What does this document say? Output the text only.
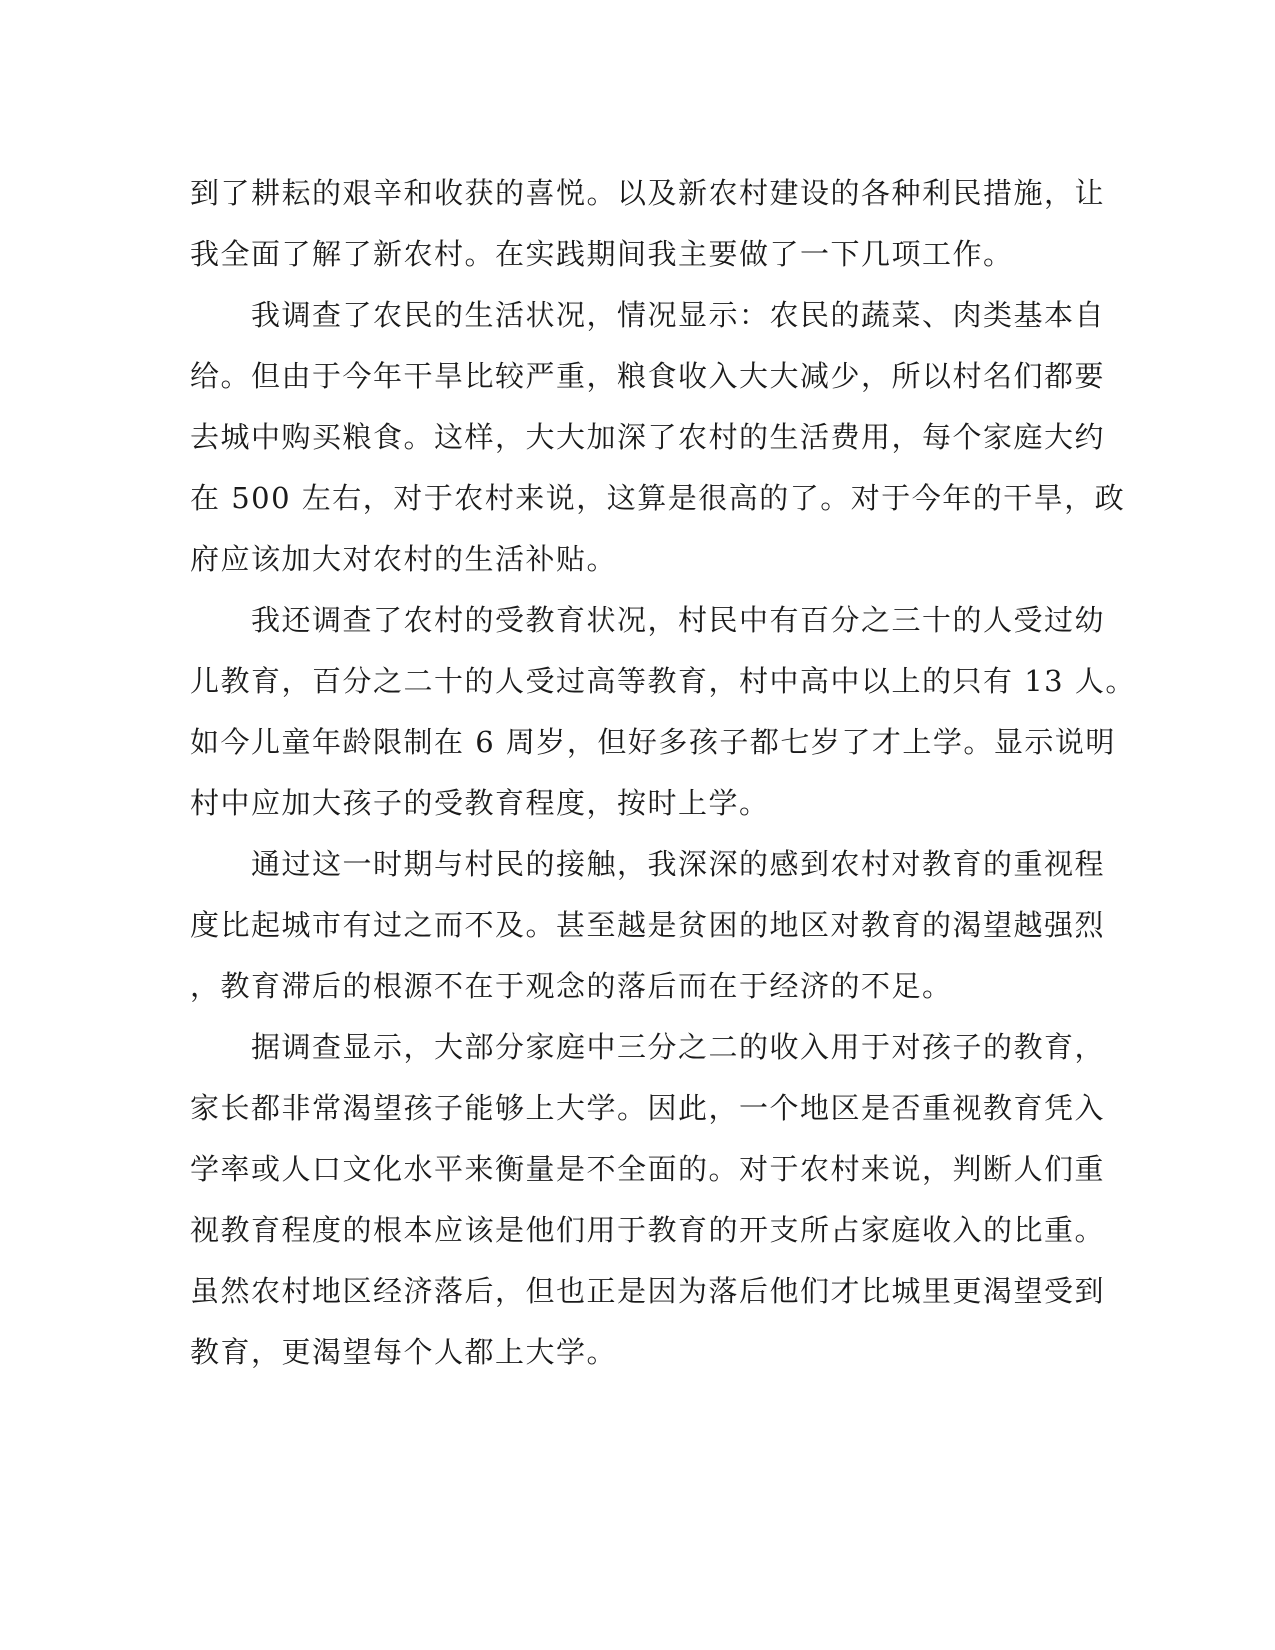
到了耕耘的艰辛和收获的喜悦。以及新农村建设的各种利民措施，让
我全面了解了新农村。在实践期间我主要做了一下几项工作。
　　我调查了农民的生活状况，情况显示：农民的蔬菜、肉类基本自
给。但由于今年干旱比较严重，粮食收入大大减少，所以村名们都要
去城中购买粮食。这样，大大加深了农村的生活费用，每个家庭大约
在 500 左右，对于农村来说，这算是很高的了。对于今年的干旱，政
府应该加大对农村的生活补贴。
　　我还调查了农村的受教育状况，村民中有百分之三十的人受过幼
儿教育，百分之二十的人受过高等教育，村中高中以上的只有 13 人。
如今儿童年龄限制在 6 周岁，但好多孩子都七岁了才上学。显示说明
村中应加大孩子的受教育程度，按时上学。
　　通过这一时期与村民的接触，我深深的感到农村对教育的重视程
度比起城市有过之而不及。甚至越是贫困的地区对教育的渴望越强烈
，教育滞后的根源不在于观念的落后而在于经济的不足。
　　据调查显示，大部分家庭中三分之二的收入用于对孩子的教育，
家长都非常渴望孩子能够上大学。因此，一个地区是否重视教育凭入
学率或人口文化水平来衡量是不全面的。对于农村来说，判断人们重
视教育程度的根本应该是他们用于教育的开支所占家庭收入的比重。
虽然农村地区经济落后，但也正是因为落后他们才比城里更渴望受到
教育，更渴望每个人都上大学。
